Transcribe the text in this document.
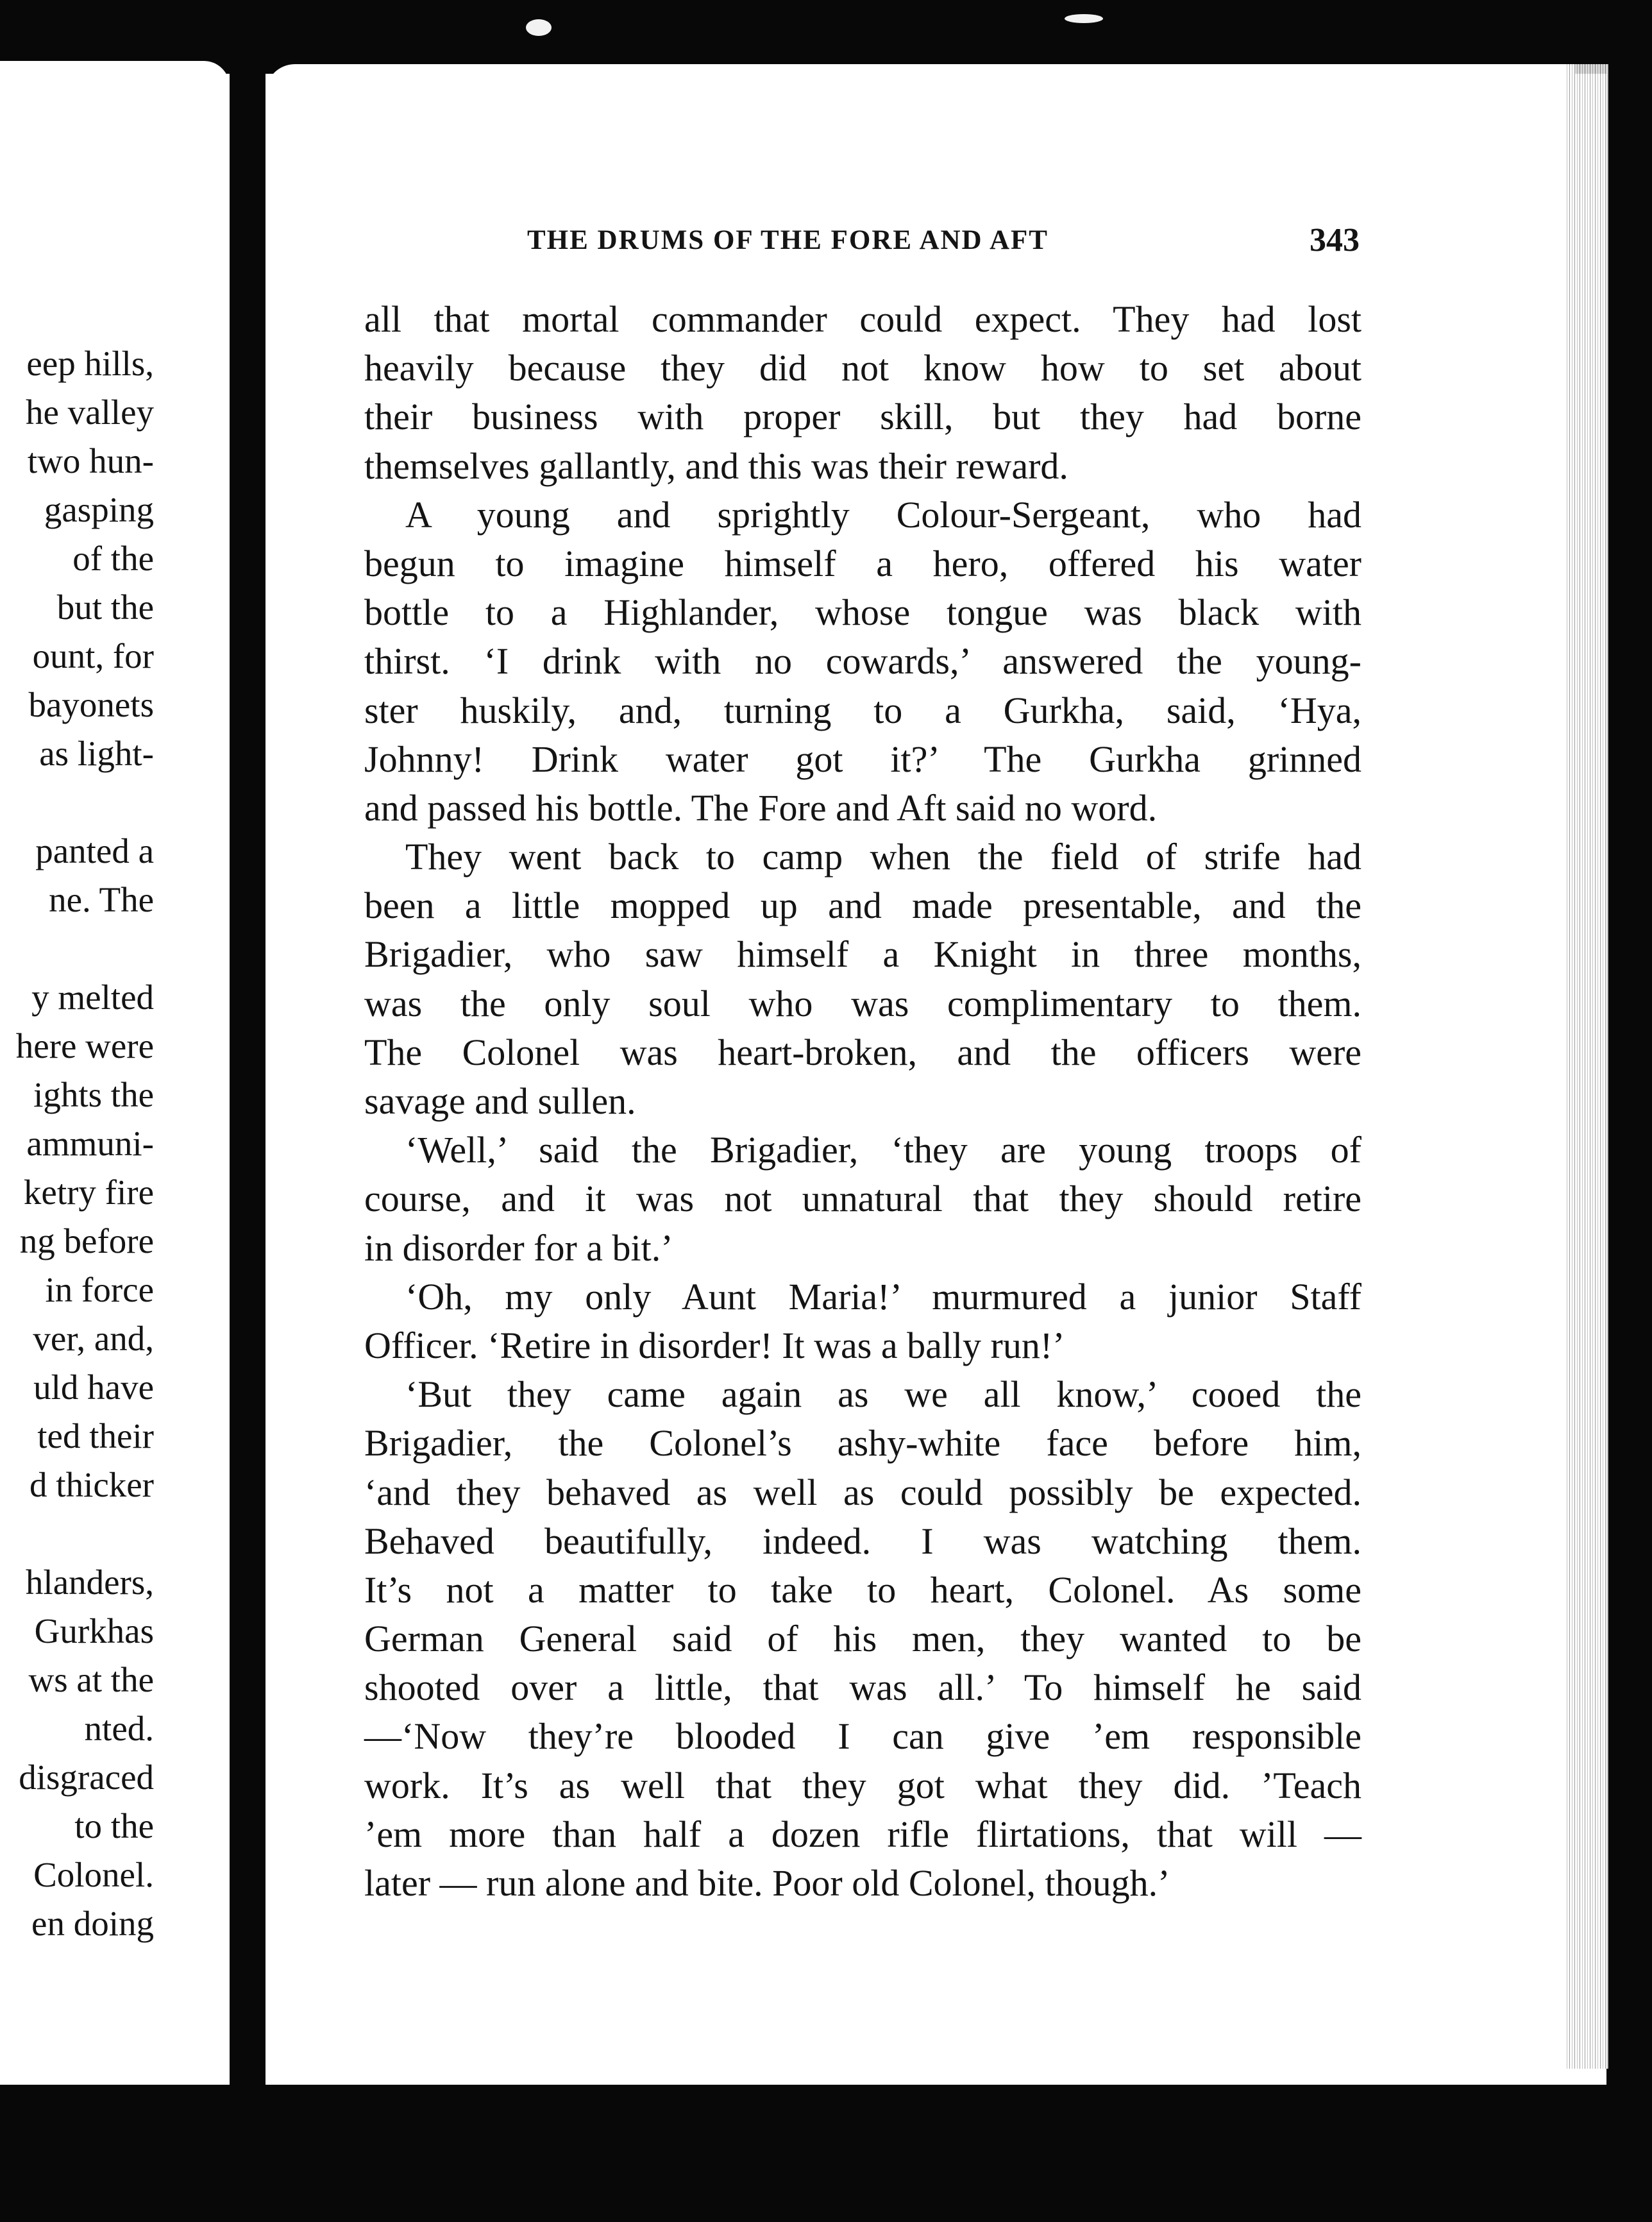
eep hills,
he valley
two hun-
gasping
of the
but the
ount, for
bayonets
as light-
panted a
ne. The
y melted
here were
ights the
ammuni-
ketry fire
ng before
in force
ver, and,
uld have
ted their
d thicker
hlanders,
Gurkhas
ws at the
nted.
disgraced
to the
Colonel.
en doing
THE DRUMS OF THE FORE AND AFT	343
all that mortal commander could expect. They had lost
heavily because they did not know how to set about
their business with proper skill, but they had borne
themselves gallantly, and this was their reward.
A young and sprightly Colour-Sergeant, who had
begun to imagine himself a hero, offered his water
bottle to a Highlander, whose tongue was black with
thirst. ‘I drink with no cowards,’ answered the young-
ster huskily, and, turning to a Gurkha, said, ‘Hya,
Johnny! Drink water got it?’ The Gurkha grinned
and passed his bottle. The Fore and Aft said no word.
They went back to camp when the field of strife had
been a little mopped up and made presentable, and the
Brigadier, who saw himself a Knight in three months,
was the only soul who was complimentary to them.
The Colonel was heart-broken, and the officers were
savage and sullen.
‘Well,’ said the Brigadier, ‘they are young troops of
course, and it was not unnatural that they should retire
in disorder for a bit.’
‘Oh, my only Aunt Maria!’ murmured a junior Staff
Officer. ‘Retire in disorder! It was a bally run!’
‘But they came again as we all know,’ cooed the
Brigadier, the Colonel’s ashy-white face before him,
‘and they behaved as well as could possibly be expected.
Behaved beautifully, indeed. I was watching them.
It’s not a matter to take to heart, Colonel. As some
German General said of his men, they wanted to be
shooted over a little, that was all.’ To himself he said
—‘Now they’re blooded I can give ’em responsible
work. It’s as well that they got what they did. ’Teach
’em more than half a dozen rifle flirtations, that will —
later — run alone and bite. Poor old Colonel, though.’
